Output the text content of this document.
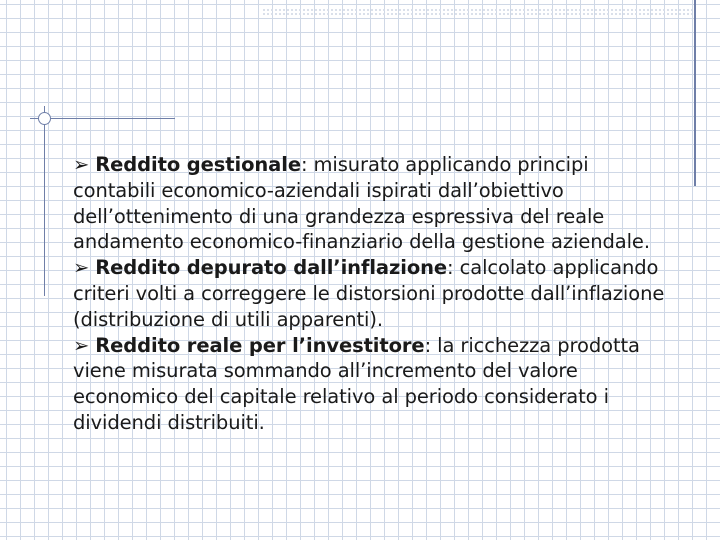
➢ Reddito gestionale: misurato applicando principi contabili economico-aziendali ispirati dall’obiettivo dell’ottenimento di una grandezza espressiva del reale andamento economico-finanziario della gestione aziendale.

➢ Reddito depurato dall’inflazione: calcolato applicando criteri volti a correggere le distorsioni prodotte dall’inflazione (distribuzione di utili apparenti).

➢ Reddito reale per l’investitore: la ricchezza prodotta viene misurata sommando all’incremento del valore economico del capitale relativo al periodo considerato i dividendi distribuiti.
